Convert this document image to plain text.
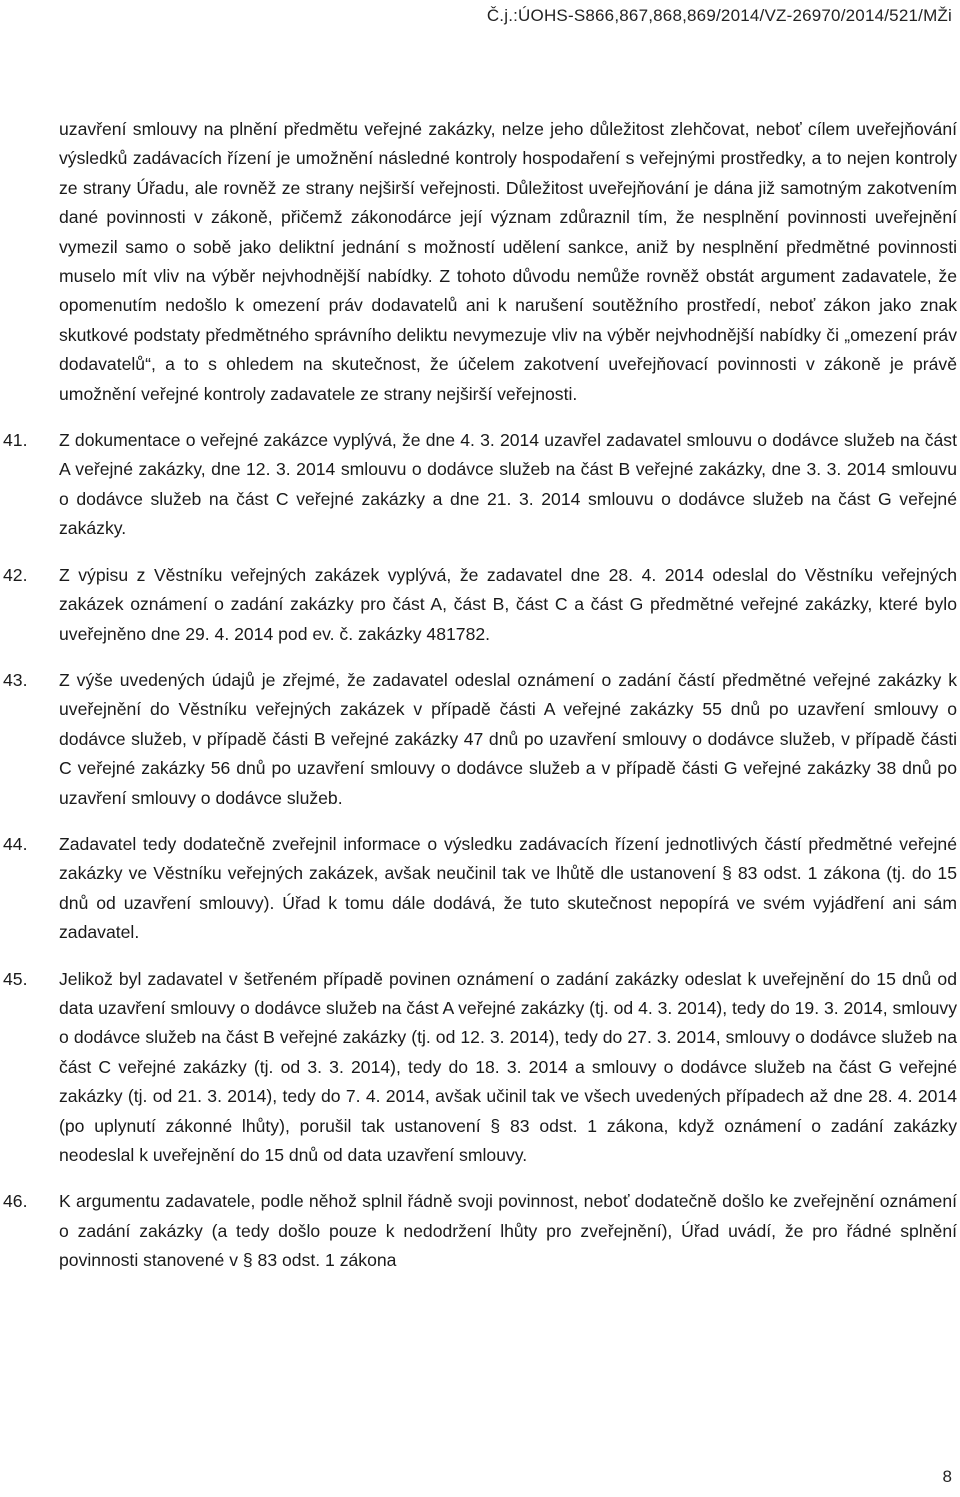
Č.j.:ÚOHS-S866,867,868,869/2014/VZ-26970/2014/521/MŽi

uzavření smlouvy na plnění předmětu veřejné zakázky, nelze jeho důležitost zlehčovat, neboť cílem uveřejňování výsledků zadávacích řízení je umožnění následné kontroly hospodaření s veřejnými prostředky, a to nejen kontroly ze strany Úřadu, ale rovněž ze strany nejširší veřejnosti. Důležitost uveřejňování je dána již samotným zakotvením dané povinnosti v zákoně, přičemž zákonodárce její význam zdůraznil tím, že nesplnění povinnosti uveřejnění vymezil samo o sobě jako deliktní jednání s možností udělení sankce, aniž by nesplnění předmětné povinnosti muselo mít vliv na výběr nejvhodnější nabídky. Z tohoto důvodu nemůže rovněž obstát argument zadavatele, že opomenutím nedošlo k omezení práv dodavatelů ani k narušení soutěžního prostředí, neboť zákon jako znak skutkové podstaty předmětného správního deliktu nevymezuje vliv na výběr nejvhodnější nabídky či „omezení práv dodavatelů“, a to s ohledem na skutečnost, že účelem zakotvení uveřejňovací povinnosti v zákoně je právě umožnění veřejné kontroly zadavatele ze strany nejširší veřejnosti.

41. Z dokumentace o veřejné zakázce vyplývá, že dne 4. 3. 2014 uzavřel zadavatel smlouvu o dodávce služeb na část A veřejné zakázky, dne 12. 3. 2014 smlouvu o dodávce služeb na část B veřejné zakázky, dne 3. 3. 2014 smlouvu o dodávce služeb na část C veřejné zakázky a dne 21. 3. 2014 smlouvu o dodávce služeb na část G veřejné zakázky.

42. Z výpisu z Věstníku veřejných zakázek vyplývá, že zadavatel dne 28. 4. 2014 odeslal do Věstníku veřejných zakázek oznámení o zadání zakázky pro část A, část B, část C a část G předmětné veřejné zakázky, které bylo uveřejněno dne 29. 4. 2014 pod ev. č. zakázky 481782.

43. Z výše uvedených údajů je zřejmé, že zadavatel odeslal oznámení o zadání částí předmětné veřejné zakázky k uveřejnění do Věstníku veřejných zakázek v případě části A veřejné zakázky 55 dnů po uzavření smlouvy o dodávce služeb, v případě části B veřejné zakázky 47 dnů po uzavření smlouvy o dodávce služeb, v případě části C veřejné zakázky 56 dnů po uzavření smlouvy o dodávce služeb a v případě části G veřejné zakázky 38 dnů po uzavření smlouvy o dodávce služeb.

44. Zadavatel tedy dodatečně zveřejnil informace o výsledku zadávacích řízení jednotlivých částí předmětné veřejné zakázky ve Věstníku veřejných zakázek, avšak neučinil tak ve lhůtě dle ustanovení § 83 odst. 1 zákona (tj. do 15 dnů od uzavření smlouvy). Úřad k tomu dále dodává, že tuto skutečnost nepopírá ve svém vyjádření ani sám zadavatel.

45. Jelikož byl zadavatel v šetřeném případě povinen oznámení o zadání zakázky odeslat k uveřejnění do 15 dnů od data uzavření smlouvy o dodávce služeb na část A veřejné zakázky (tj. od 4. 3. 2014), tedy do 19. 3. 2014, smlouvy o dodávce služeb na část B veřejné zakázky (tj. od 12. 3. 2014), tedy do 27. 3. 2014, smlouvy o dodávce služeb na část C veřejné zakázky (tj. od 3. 3. 2014), tedy do 18. 3. 2014 a smlouvy o dodávce služeb na část G veřejné zakázky (tj. od 21. 3. 2014), tedy do 7. 4. 2014, avšak učinil tak ve všech uvedených případech až dne 28. 4. 2014 (po uplynutí zákonné lhůty), porušil tak ustanovení § 83 odst. 1 zákona, když oznámení o zadání zakázky neodeslal k uveřejnění do 15 dnů od data uzavření smlouvy.

46. K argumentu zadavatele, podle něhož splnil řádně svoji povinnost, neboť dodatečně došlo ke zveřejnění oznámení o zadání zakázky (a tedy došlo pouze k nedodržení lhůty pro zveřejnění), Úřad uvádí, že pro řádné splnění povinnosti stanovené v § 83 odst. 1 zákona

8
